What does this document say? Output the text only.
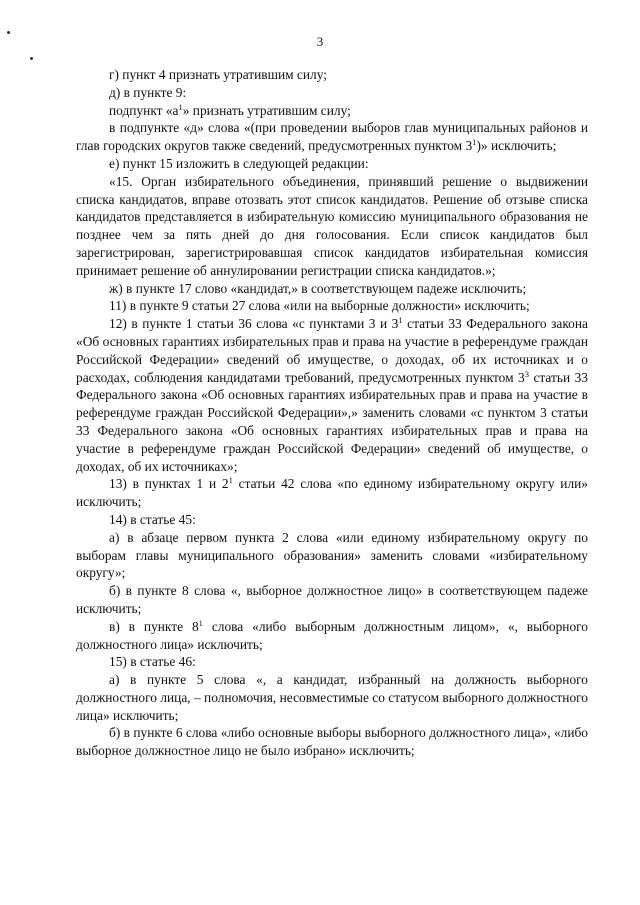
3

г) пункт 4 признать утратившим силу;

д) в пункте 9:

подпункт «$а^1$» признать утратившим силу;

в подпункте «д» слова «(при проведении выборов глав муниципальных районов и глав городских округов также сведений, предусмотренных пунктом $3^1$)» исключить;

е) пункт 15 изложить в следующей редакции:

«15. Орган избирательного объединения, принявший решение о выдвижении списка кандидатов, вправе отозвать этот список кандидатов. Решение об отзыве списка кандидатов представляется в избирательную комиссию муниципального образования не позднее чем за пять дней до дня голосования. Если список кандидатов был зарегистрирован, зарегистрировавшая список кандидатов избирательная комиссия принимает решение об аннулировании регистрации списка кандидатов.»;

ж) в пункте 17 слово «кандидат,» в соответствующем падеже исключить;

11) в пункте 9 статьи 27 слова «или на выборные должности» исключить;

12) в пункте 1 статьи 36 слова «с пунктами 3 и $3^1$ статьи 33 Федерального закона «Об основных гарантиях избирательных прав и права на участие в референдуме граждан Российской Федерации» сведений об имуществе, о доходах, об их источниках и о расходах, соблюдения кандидатами требований, предусмотренных пунктом $3^3$ статьи 33 Федерального закона «Об основных гарантиях избирательных прав и права на участие в референдуме граждан Российской Федерации»,» заменить словами «с пунктом 3 статьи 33 Федерального закона «Об основных гарантиях избирательных прав и права на участие в референдуме граждан Российской Федерации» сведений об имуществе, о доходах, об их источниках»;

13) в пунктах 1 и $2^1$ статьи 42 слова «по единому избирательному округу или» исключить;

14) в статье 45:

а) в абзаце первом пункта 2 слова «или единому избирательному округу по выборам главы муниципального образования» заменить словами «избирательному округу»;

б) в пункте 8 слова «, выборное должностное лицо» в соответствующем падеже исключить;

в) в пункте $8^1$ слова «либо выборным должностным лицом», «, выборного должностного лица» исключить;

15) в статье 46:

а) в пункте 5 слова «, а кандидат, избранный на должность выборного должностного лица, – полномочия, несовместимые со статусом выборного должностного лица» исключить;

б) в пункте 6 слова «либо основные выборы выборного должностного лица», «либо выборное должностное лицо не было избрано» исключить;
